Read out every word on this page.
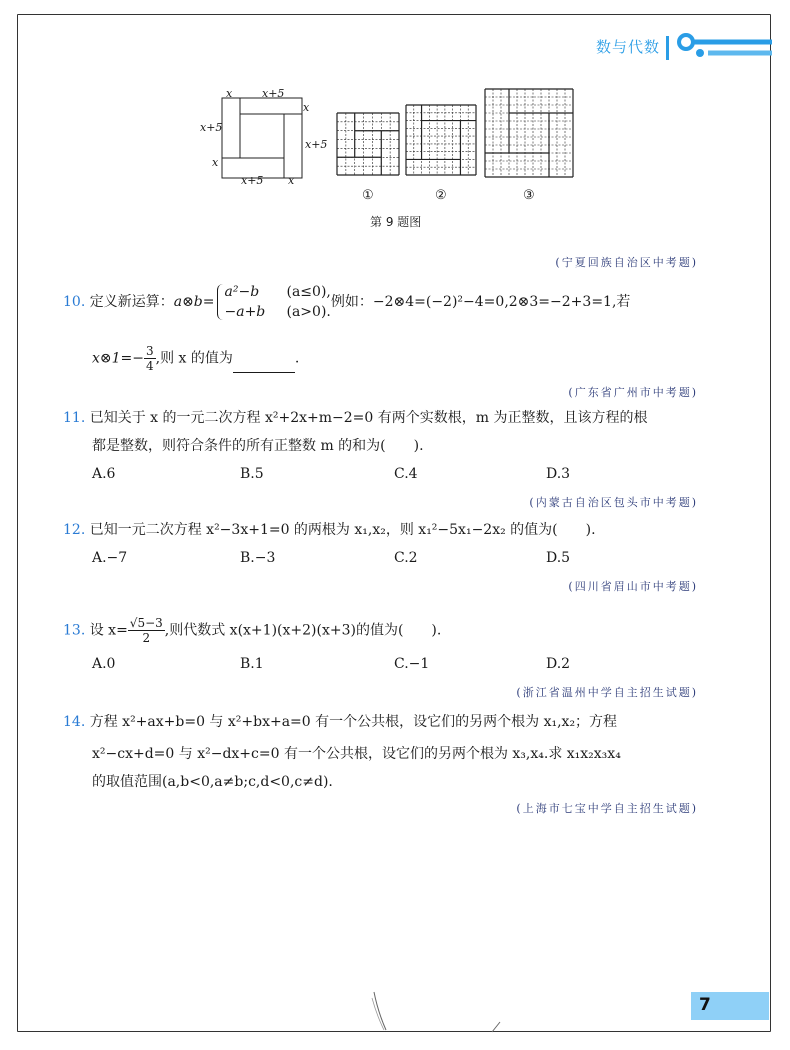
数与代数
x	x+5
x
x+5
x+5
x
x+5 x
①	②	③
第 9 题图
(宁夏回族自治区中考题)
10. 定义新运算：a⊗b=
a²−b (a≤0),
−a+b (a>0).
例如：−2⊗4=(−2)²−4=0,2⊗3=−2+3=1,若
x⊗1=− $\frac{3}{4}$ ,则 x 的值为	.
(广东省广州市中考题)
11. 已知关于 x 的一元二次方程 x²+2x+m−2=0 有两个实数根，m 为正整数，且该方程的根
都是整数，则符合条件的所有正整数 m 的和为(　　).
A.6	B.5	C.4	D.3
(内蒙古自治区包头市中考题)
12. 已知一元二次方程 x²−3x+1=0 的两根为 x₁,x₂，则 x₁²−5x₁−2x₂ 的值为(　　).
A.−7	B.−3	C.2	D.5
(四川省眉山市中考题)
13. 设 $x= \frac{√5-3}{2}$ ,则代数式 x(x+1)(x+2)(x+3)的值为(　　).
A.0	B.1	C.−1	D.2
(浙江省温州中学自主招生试题)
14. 方程 x²+ax+b=0 与 x²+bx+a=0 有一个公共根，设它们的另两个根为 x₁,x₂；方程
x²−cx+d=0 与 x²−dx+c=0 有一个公共根，设它们的另两个根为 x₃,x₄.求 x₁x₂x₃x₄
的取值范围(a,b<0,a≠b;c,d<0,c≠d).
(上海市七宝中学自主招生试题)
7
